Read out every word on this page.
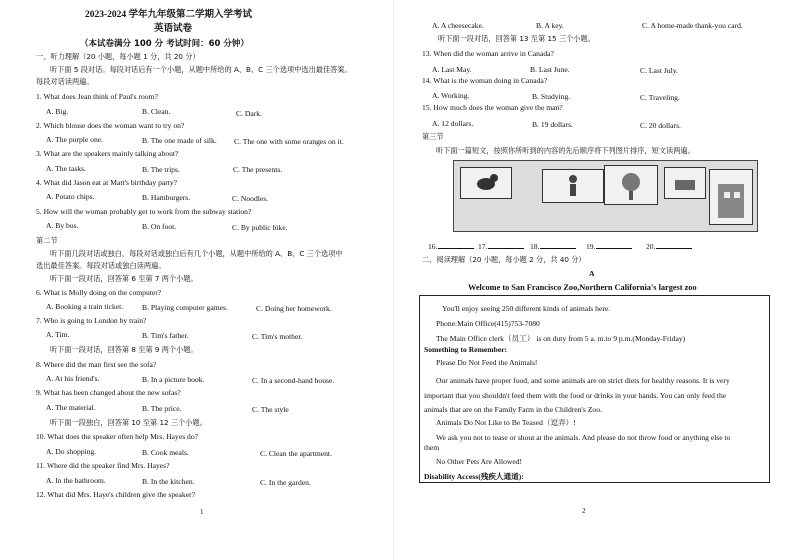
2023-2024 学年九年级第二学期入学考试
英语试卷
（本试卷满分 100 分 考试时间：60 分钟）
一、听力理解（20 小题，每小题 1 分，共 20 分）
听下面 5 段对话。每段对话后有一个小题，从题中所给的 A、B、C 三个选项中选出最佳答案。
每段对话读两遍。
1. What does Jean think of Paul's room?
A. Big.	B. Clean.	C. Dark.
2. Which blouse does the woman want to try on?
A. The purple one.	B. The one made of silk. C. The one with some oranges on it.
3. What are the speakers mainly talking about?
A. The tasks.	B. The trips.	C. The presents.
4. What did Jason eat at Matt's birthday party?
A. Potato chips.	B. Hamburgers.	C. Noodles.
5. How will the woman probably get to work from the subway station?
A. By bus.	B. On foot.	C. By public bike.
第二节
听下面几段对话或独白，每段对话或独白后有几个小题，从题中所给的 A、B、C 三个选项中
选出最佳答案。每段对话或独白读两遍。
听下面一段对话，回答第 6 至第 7 两个小题。
6. What is Molly doing on the computer?
A. Booking a train ticket. B. Playing computer games.	C. Doing her homework.
7. Who is going to London by train?
A. Tim.	B. Tim's father.	C. Tim's mother.
听下面一段对话，回答第 8 至第 9 两个小题。
8. Where did the man first see the sofa?
A. At his friend's.	B. In a picture book.	C. In a second-hand house.
9. What has been changed about the new sofas?
A. The material.	B. The price.	C. The style
听下面一段独白，回答第 10 至第 12 三个小题。
10. What does the speaker often help Mrs. Hayes do?
A. Do shopping.	B. Cook meals.	C. Clean the apartment.
11. Where did the speaker find Mrs. Hayes?
A. In the bathroom.	B. In the kitchen.	C. In the garden.
12. What did Mrs. Haye's children give the speaker?
1
A. A cheesecake.	B. A key.	C. A home-made thank-you card.
听下面一段对话，回答第 13 至第 15 三个小题。
13. When did the woman arrive in Canada?
A. Last May.	B. Last June.	C. Last July.
14. What is the woman doing in Canada?
A. Working.	B. Studying.	C. Traveling.
15. How much does the woman give the man?
A. 12 dollars.	B. 19 dollars.	C. 20 dollars.
第三节
听下面一篇短文，按照你所听到的内容的先后顺序将下列图片排序，短文读两遍。
16.	17.	18.	19.	20.
二、阅读理解（20 小题，每小题 2 分，共 40 分）
A
Welcome to San Francisco Zoo,Northern California's largest zoo
You'll enjoy seeing 250 different kinds of animals here.
Phone:Main Office(415)753-7080
The Main Office clerk（员工） is on duty from 5 a. m.to 9 p.m.(Monday-Friday)
Something to Remember:
Please Do Not Feed the Animals!
Our animals have proper food, and some animals are on strict diets for healthy reasons. It is very
important that you shouldn't feed them with the food or drinks in your hands. You can only feed the
animals that are on the Family Farm in the Children's Zoo.
Animals Do Not Like to Be Teased（逗弄）!
We ask you not to tease or shout at the animals. And please do not throw food or anything else to
them
No Other Pets Are Allowed!
Disability Access(残疾人通道):
2
